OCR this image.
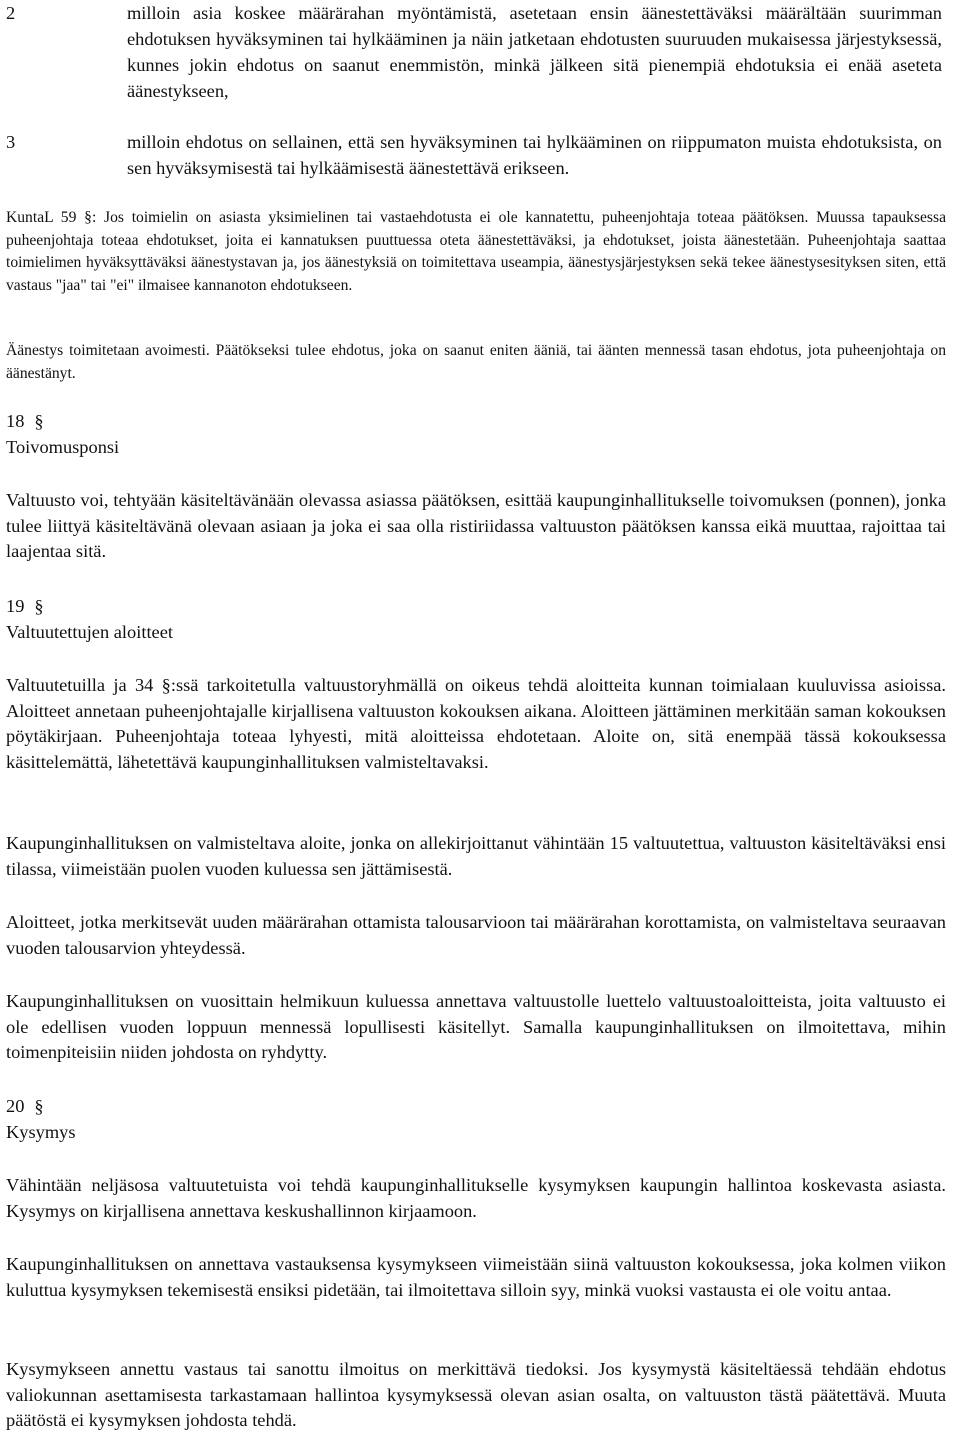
2	milloin asia koskee määrärahan myöntämistä, asetetaan ensin äänestettäväksi määrältään suurimman ehdotuksen hyväksyminen tai hylkääminen ja näin jatketaan ehdotusten suuruuden mukaisessa järjestyksessä, kunnes jokin ehdotus on saanut enemmistön, minkä jälkeen sitä pienempiä ehdotuksia ei enää aseteta äänestykseen,

3	milloin ehdotus on sellainen, että sen hyväksyminen tai hylkääminen on riippumaton muista ehdotuksista, on sen hyväksymisestä tai hylkäämisestä äänestettävä erikseen.

KuntaL 59 §: Jos toimielin on asiasta yksimielinen tai vastaehdotusta ei ole kannatettu, puheenjohtaja toteaa päätöksen. Muussa tapauksessa puheenjohtaja toteaa ehdotukset, joita ei kannatuksen puuttuessa oteta äänestettäväksi, ja ehdotukset, joista äänestetään. Puheenjohtaja saattaa toimielimen hyväksyttäväksi äänestystavan ja, jos äänestyksiä on toimitettava useampia, äänestysjärjestyksen sekä tekee äänestysesityksen siten, että vastaus "jaa" tai "ei" ilmaisee kannanoton ehdotukseen.

Äänestys toimitetaan avoimesti. Päätökseksi tulee ehdotus, joka on saanut eniten ääniä, tai äänten mennessä tasan ehdotus, jota puheenjohtaja on äänestänyt.

18 §
Toivomusponsi

Valtuusto voi, tehtyään käsiteltävänään olevassa asiassa päätöksen, esittää kaupunginhallitukselle toivomuksen (ponnen), jonka tulee liittyä käsiteltävänä olevaan asiaan ja joka ei saa olla ristiriidassa valtuuston päätöksen kanssa eikä muuttaa, rajoittaa tai laajentaa sitä.

19 §
Valtuutettujen aloitteet

Valtuutetuilla ja 34 §:ssä tarkoitetulla valtuustoryhmällä on oikeus tehdä aloitteita kunnan toimialaan kuuluvissa asioissa. Aloitteet annetaan puheenjohtajalle kirjallisena valtuuston kokouksen aikana. Aloitteen jättäminen merkitään saman kokouksen pöytäkirjaan. Puheenjohtaja toteaa lyhyesti, mitä aloitteissa ehdotetaan. Aloite on, sitä enempää tässä kokouksessa käsittelemättä, lähetettävä kaupunginhallituksen valmisteltavaksi.

Kaupunginhallituksen on valmisteltava aloite, jonka on allekirjoittanut vähintään 15 valtuutettua, valtuuston käsiteltäväksi ensi tilassa, viimeistään puolen vuoden kuluessa sen jättämisestä.

Aloitteet, jotka merkitsevät uuden määrärahan ottamista talousarvioon tai määrärahan korottamista, on valmisteltava seuraavan vuoden talousarvion yhteydessä.

Kaupunginhallituksen on vuosittain helmikuun kuluessa annettava valtuustolle luettelo valtuustoaloitteista, joita valtuusto ei ole edellisen vuoden loppuun mennessä lopullisesti käsitellyt. Samalla kaupunginhallituksen on ilmoitettava, mihin toimenpiteisiin niiden johdosta on ryhdytty.

20 §
Kysymys

Vähintään neljäsosa valtuutetuista voi tehdä kaupunginhallitukselle kysymyksen kaupungin hallintoa koskevasta asiasta. Kysymys on kirjallisena annettava keskushallinnon kirjaamoon.

Kaupunginhallituksen on annettava vastauksensa kysymykseen viimeistään siinä valtuuston kokouksessa, joka kolmen viikon kuluttua kysymyksen tekemisestä ensiksi pidetään, tai ilmoitettava silloin syy, minkä vuoksi vastausta ei ole voitu antaa.

Kysymykseen annettu vastaus tai sanottu ilmoitus on merkittävä tiedoksi. Jos kysymystä käsiteltäessä tehdään ehdotus valiokunnan asettamisesta tarkastamaan hallintoa kysymyksessä olevan asian osalta, on valtuuston tästä päätettävä. Muuta päätöstä ei kysymyksen johdosta tehdä.
